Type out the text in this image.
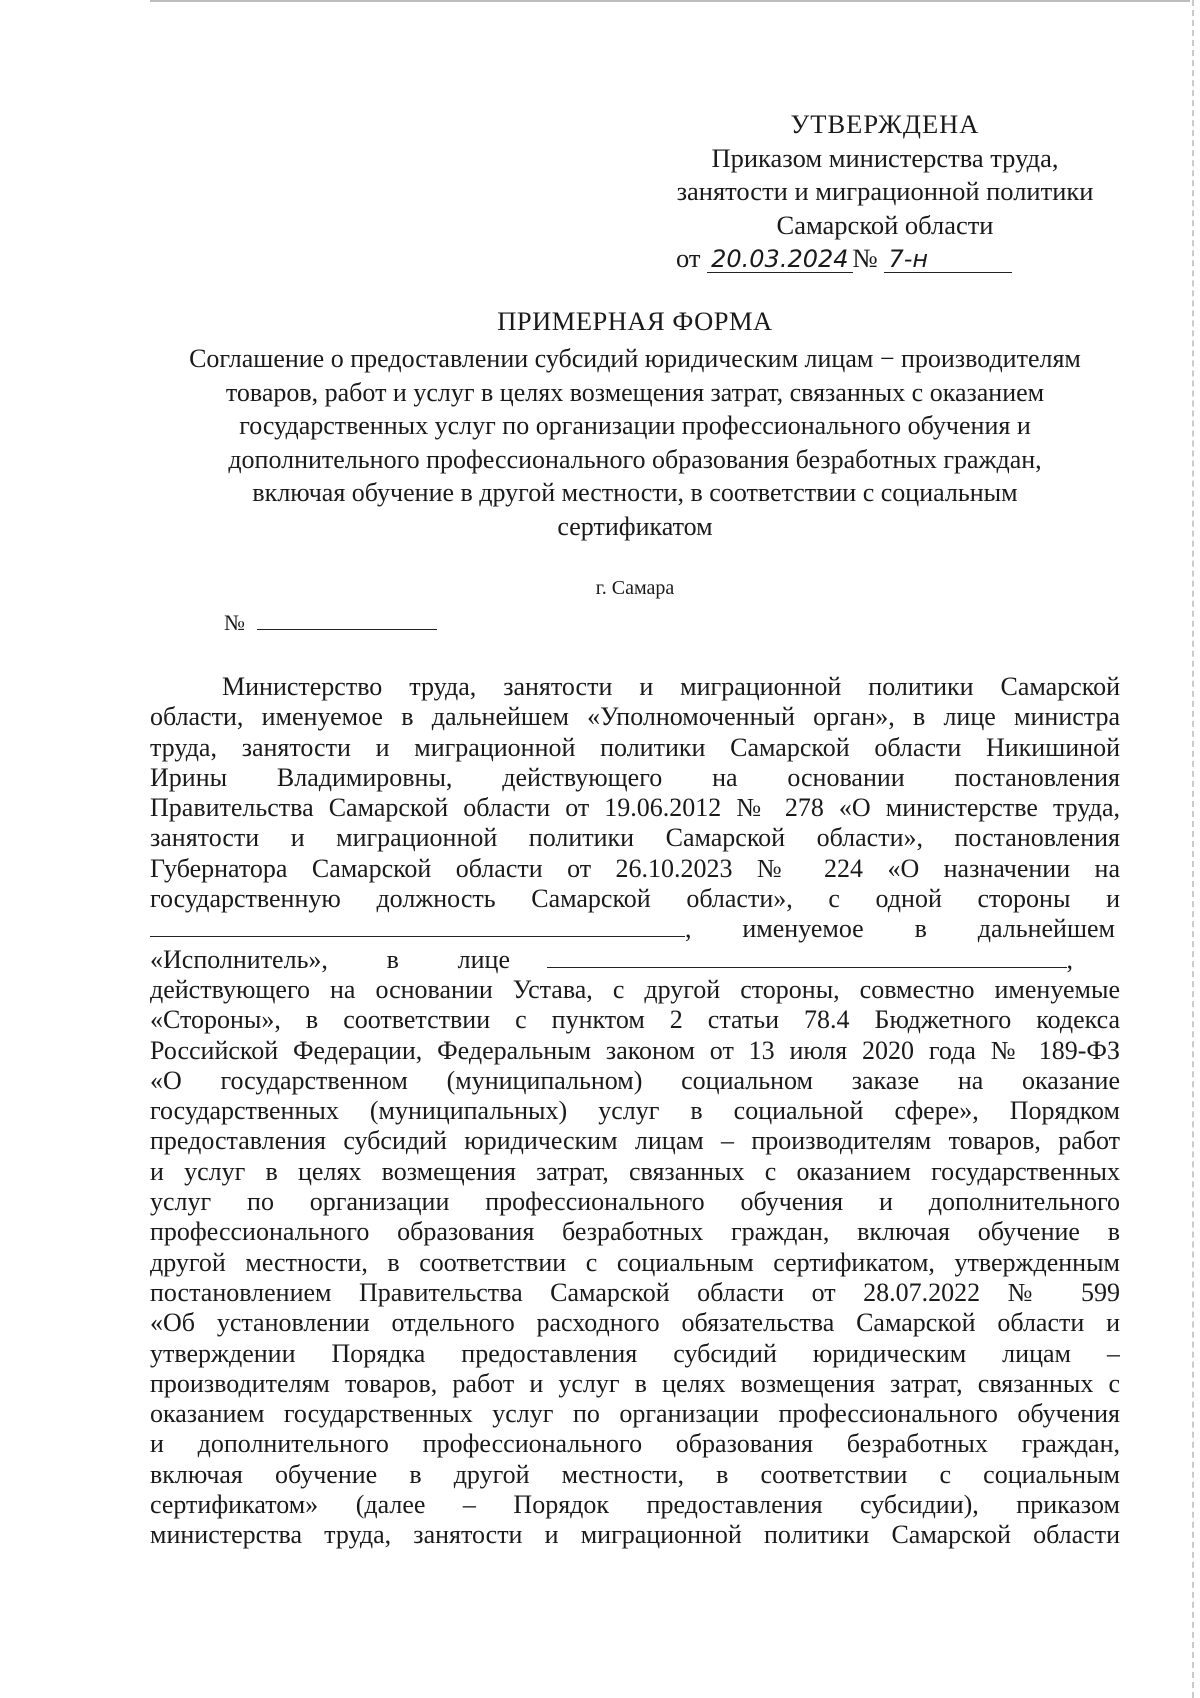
УТВЕРЖДЕНА
Приказом министерства труда,
занятости и миграционной политики
Самарской области
от 20.03.2024 № 7-н
ПРИМЕРНАЯ ФОРМА
Соглашение о предоставлении субсидий юридическим лицам − производителям
товаров, работ и услуг в целях возмещения затрат, связанных с оказанием
государственных услуг по организации профессионального обучения и
дополнительного профессионального образования безработных граждан,
включая обучение в другой местности, в соответствии с социальным
сертификатом
г. Самара
№
Министерство труда, занятости и миграционной политики Самарской
области, именуемое в дальнейшем «Уполномоченный орган», в лице министра
труда, занятости и миграционной политики Самарской области Никишиной
Ирины Владимировны, действующего на основании постановления
Правительства Самарской области от 19.06.2012 № 278 «О министерстве труда,
занятости и миграционной политики Самарской области», постановления
Губернатора Самарской области от 26.10.2023 № 224 «О назначении на
государственную должность Самарской области», с одной стороны и
, именуемое в дальнейшем
«Исполнитель», в лице	,
действующего на основании Устава, с другой стороны, совместно именуемые
«Стороны», в соответствии с пунктом 2 статьи 78.4 Бюджетного кодекса
Российской Федерации, Федеральным законом от 13 июля 2020 года № 189-ФЗ
«О государственном (муниципальном) социальном заказе на оказание
государственных (муниципальных) услуг в социальной сфере», Порядком
предоставления субсидий юридическим лицам – производителям товаров, работ
и услуг в целях возмещения затрат, связанных с оказанием государственных
услуг по организации профессионального обучения и дополнительного
профессионального образования безработных граждан, включая обучение в
другой местности, в соответствии с социальным сертификатом, утвержденным
постановлением Правительства Самарской области от 28.07.2022 № 599
«Об установлении отдельного расходного обязательства Самарской области и
утверждении Порядка предоставления субсидий юридическим лицам –
производителям товаров, работ и услуг в целях возмещения затрат, связанных с
оказанием государственных услуг по организации профессионального обучения
и дополнительного профессионального образования безработных граждан,
включая обучение в другой местности, в соответствии с социальным
сертификатом» (далее – Порядок предоставления субсидии), приказом
министерства труда, занятости и миграционной политики Самарской области
